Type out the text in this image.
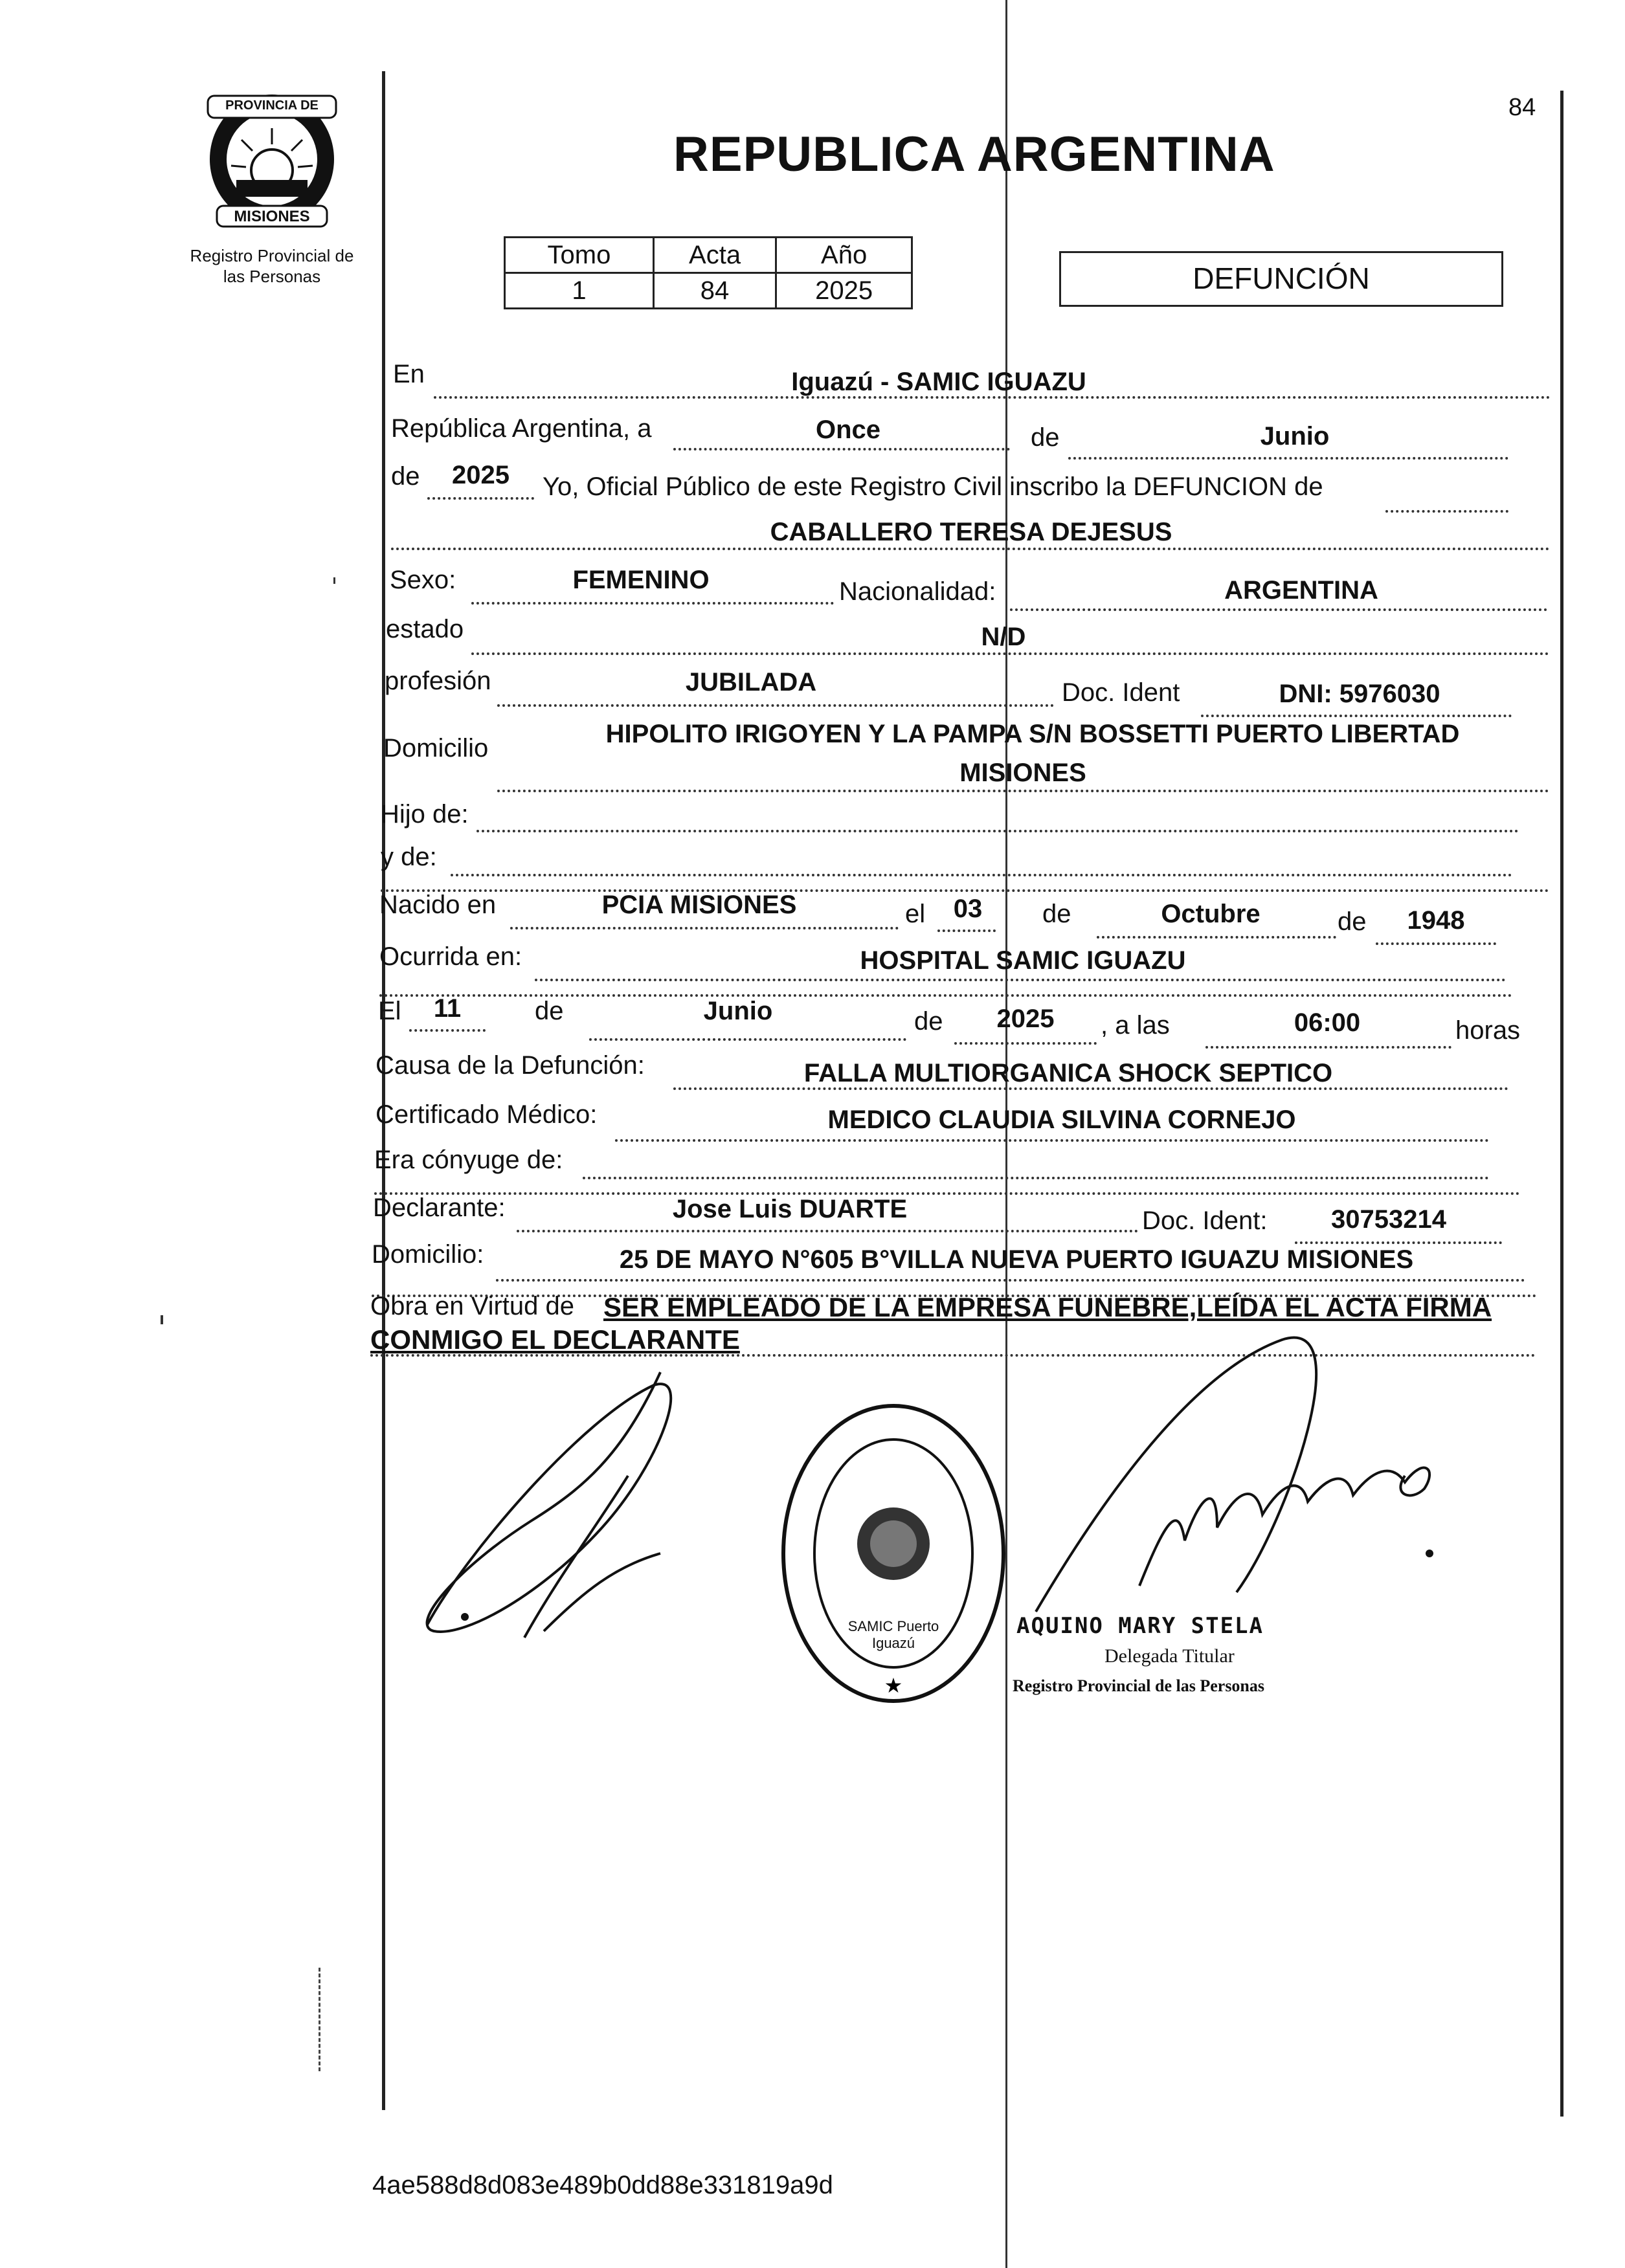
PROVINCIA DE
MISIONES
Registro Provincial de
las Personas
84
REPUBLICA ARGENTINA
Tomo	Acta	Año
1	84	2025	DEFUNCIÓN
En	Iguazú - SAMIC IGUAZU
República Argentina, a	Once	de	Junio
de	2025	Yo, Oficial Público de este Registro Civil inscribo la DEFUNCION de
CABALLERO TERESA DEJESUS
Sexo:	FEMENINO	Nacionalidad:	ARGENTINA
estado	N/D
profesión	JUBILADA	Doc. Ident	DNI: 5976030
Domicilio	HIPOLITO IRIGOYEN Y LA PAMPA S/N BOSSETTI PUERTO LIBERTAD
MISIONES
Hijo de:
y de:
Nacido en	PCIA MISIONES	el	03	de	Octubre	de	1948
Ocurrida en:	HOSPITAL SAMIC IGUAZU
El	11	de	Junio	de	2025	, a las	06:00	horas
Causa de la Defunción:	FALLA MULTIORGANICA SHOCK SEPTICO
Certificado Médico:	MEDICO CLAUDIA SILVINA CORNEJO
Era cónyuge de:
Declarante:	Jose Luis DUARTE	Doc. Ident:	30753214
Domicilio:	25 DE MAYO N°605 B°VILLA NUEVA PUERTO IGUAZU MISIONES
Obra en Virtud de SER EMPLEADO DE LA EMPRESA FUNEBRE,LEÍDA EL ACTA FIRMA
CONMIGO EL DECLARANTE
★
SAMIC Puerto Iguazú
AQUINO MARY STELA
Delegada Titular
Registro Provincial de las Personas
4ae588d8d083e489b0dd88e331819a9d
